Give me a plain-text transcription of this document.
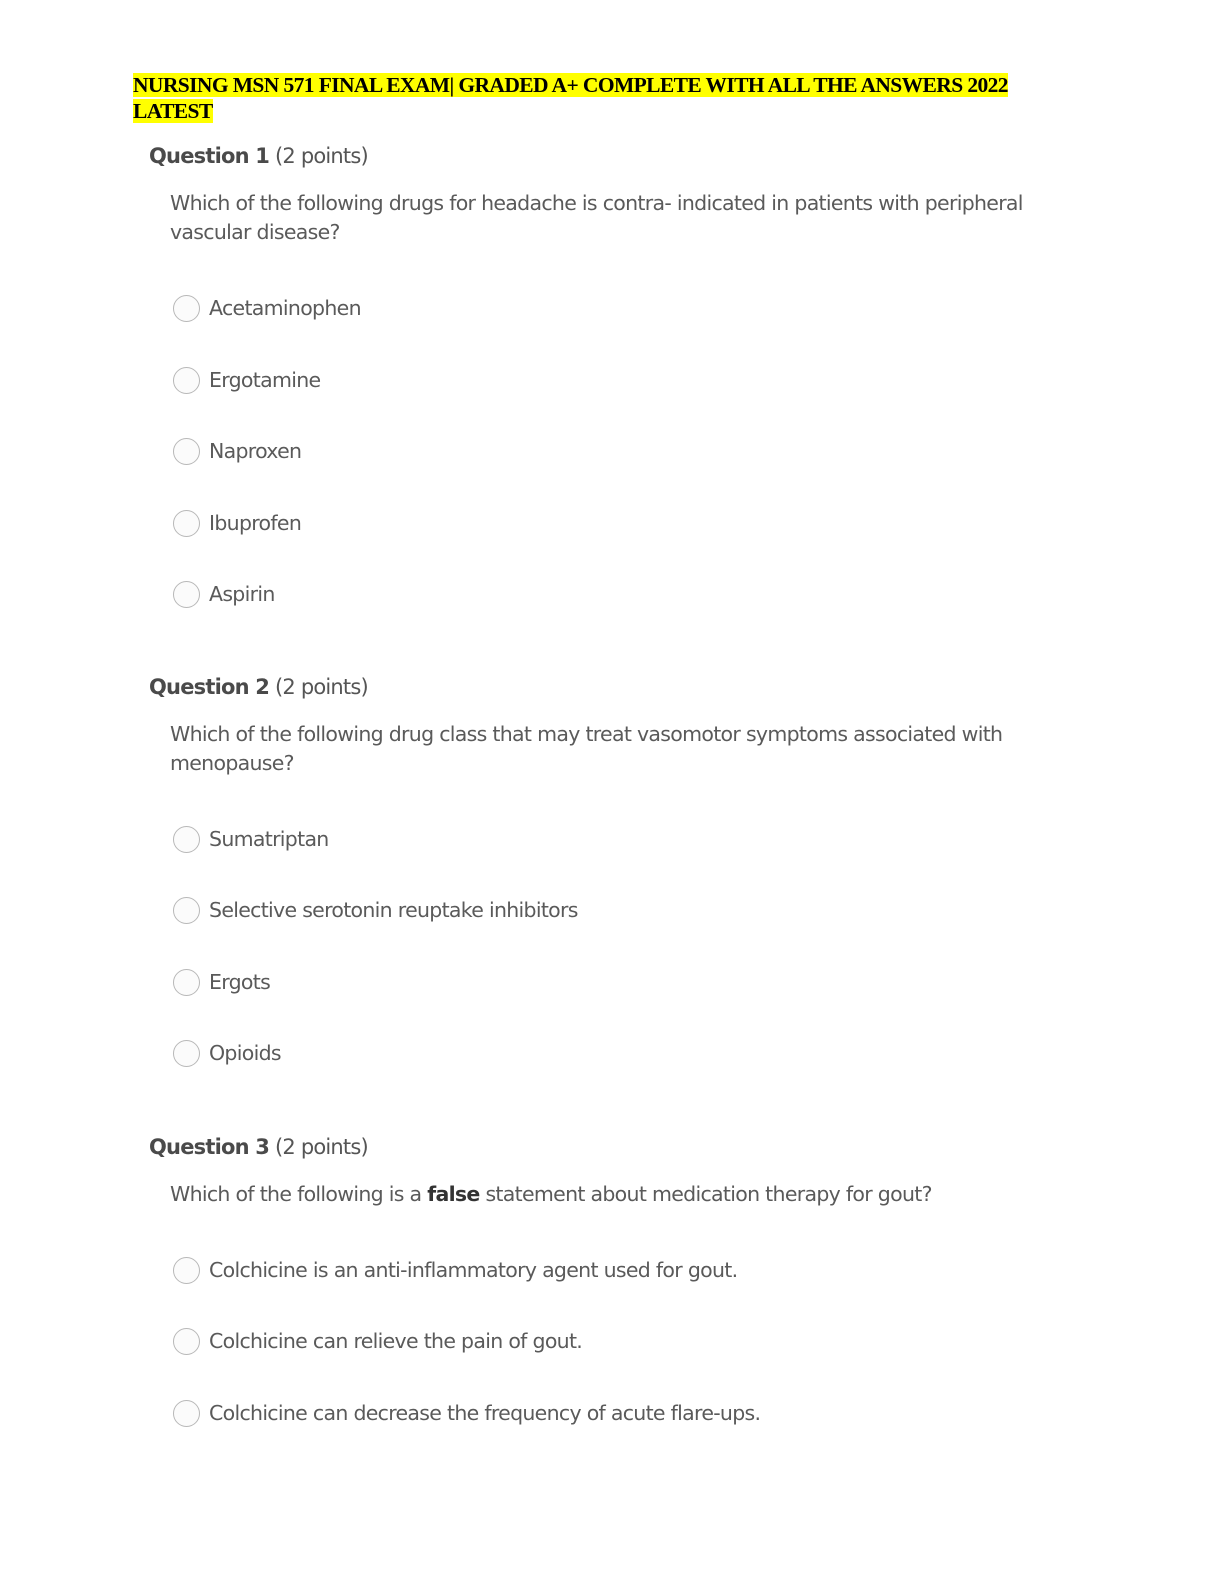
NURSING MSN 571 FINAL EXAM| GRADED A+ COMPLETE WITH ALL THE ANSWERS 2022 LATEST
Question 1 (2 points)
Which of the following drugs for headache is contra- indicated in patients with peripheral vascular disease?
Acetaminophen
Ergotamine
Naproxen
Ibuprofen
Aspirin
Question 2 (2 points)
Which of the following drug class that may treat vasomotor symptoms associated with menopause?
Sumatriptan
Selective serotonin reuptake inhibitors
Ergots
Opioids
Question 3 (2 points)
Which of the following is a false statement about medication therapy for gout?
Colchicine is an anti-inflammatory agent used for gout.
Colchicine can relieve the pain of gout.
Colchicine can decrease the frequency of acute flare-ups.
